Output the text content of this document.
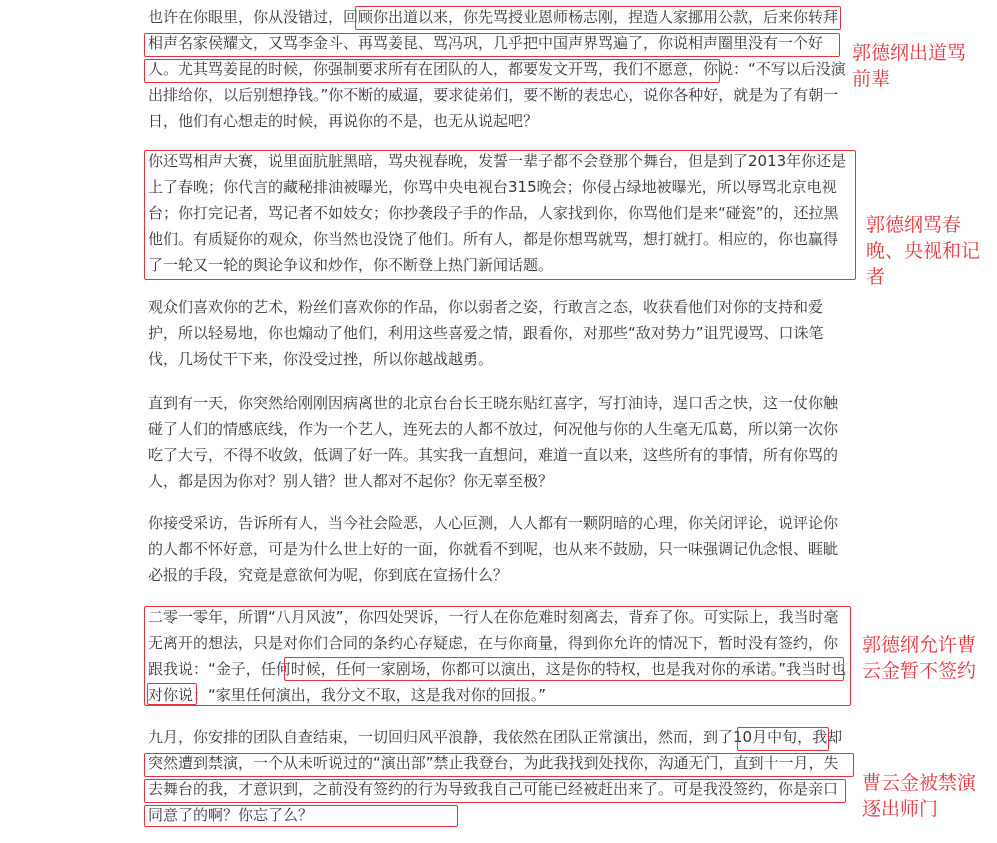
也许在你眼里，你从没错过，回顾你出道以来，你先骂授业恩师杨志刚，捏造人家挪用公款，后来你转拜相声名家侯耀文，又骂李金斗、再骂姜昆、骂冯巩，几乎把中国声界骂遍了，你说相声圈里没有一个好人。尤其骂姜昆的时候，你强制要求所有在团队的人，都要发文开骂，我们不愿意，你说：“不写以后没演出排给你，以后别想挣钱。”你不断的威逼，要求徒弟们，要不断的表忠心，说你各种好，就是为了有朝一日，他们有心想走的时候，再说你的不是，也无从说起吧？

你还骂相声大赛，说里面肮脏黑暗，骂央视春晚，发誓一辈子都不会登那个舞台，但是到了2013年你还是上了春晚；你代言的藏秘排油被曝光，你骂中央电视台315晚会；你侵占绿地被曝光，所以辱骂北京电视台；你打完记者，骂记者不如妓女；你抄袭段子手的作品，人家找到你，你骂他们是来“碰瓷”的，还拉黑他们。有质疑你的观众，你当然也没饶了他们。所有人，都是你想骂就骂，想打就打。相应的，你也赢得了一轮又一轮的舆论争议和炒作，你不断登上热门新闻话题。

观众们喜欢你的艺术，粉丝们喜欢你的作品，你以弱者之姿，行敢言之态，收获看他们对你的支持和爱护，所以轻易地，你也煽动了他们，利用这些喜爱之情，跟看你，对那些“敌对势力”诅咒谩骂、口诛笔伐，几场仗干下来，你没受过挫，所以你越战越勇。

直到有一天，你突然给刚刚因病离世的北京台台长王晓东贴红喜字，写打油诗，逞口舌之快，这一仗你触碰了人们的情感底线，作为一个艺人，连死去的人都不放过，何况他与你的人生毫无瓜葛，所以第一次你吃了大亏，不得不收敛，低调了好一阵。其实我一直想问，难道一直以来，这些所有的事情，所有你骂的人，都是因为你对？别人错？世人都对不起你？你无辜至极？

你接受采访，告诉所有人，当今社会险恶，人心叵测，人人都有一颗阴暗的心理，你关闭评论，说评论你的人都不怀好意，可是为什么世上好的一面，你就看不到呢，也从来不鼓励，只一味强调记仇念恨、睚眦必报的手段，究竟是意欲何为呢，你到底在宣扬什么？

二零一零年，所谓“八月风波”，你四处哭诉，一行人在你危难时刻离去，背弃了你。可实际上，我当时毫无离开的想法，只是对你们合同的条约心存疑虑，在与你商量，得到你允许的情况下，暂时没有签约，你跟我说：“金子，任何时候，任何一家剧场，你都可以演出，这是你的特权，也是我对你的承诺。”我当时也对你说：“家里任何演出，我分文不取，这是我对你的回报。”

九月，你安排的团队自查结束，一切回归风平浪静，我依然在团队正常演出，然而，到了10月中旬，我却突然遭到禁演，一个从未听说过的“演出部”禁止我登台，为此我找到处找你，沟通无门，直到十一月，失去舞台的我，才意识到，之前没有签约的行为导致我自己可能已经被赶出来了。可是我没签约，你是亲口同意了的啊？你忘了么？

郭德纲出道骂前辈
郭德纲骂春晚、央视和记者
郭德纲允许曹云金暂不签约
曹云金被禁演逐出师门
